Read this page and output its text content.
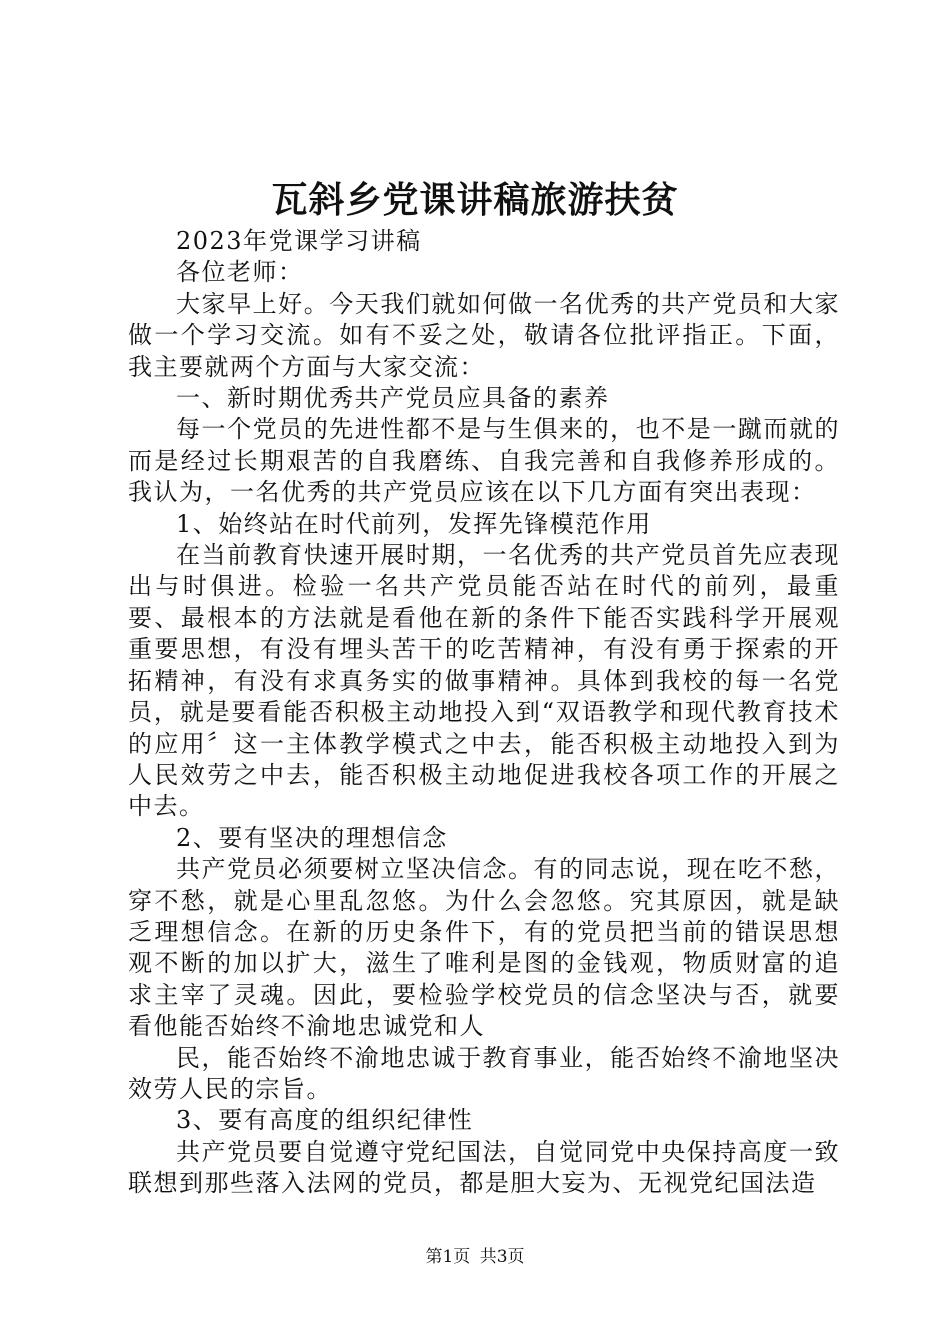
瓦斜乡党课讲稿旅游扶贫

2023年党课学习讲稿

各位老师：

大家早上好。今天我们就如何做一名优秀的共产党员和大家做一个学习交流。如有不妥之处，敬请各位批评指正。下面，我主要就两个方面与大家交流：

一、新时期优秀共产党员应具备的素养

每一个党员的先进性都不是与生俱来的，也不是一蹴而就的而是经过长期艰苦的自我磨练、自我完善和自我修养形成的。我认为，一名优秀的共产党员应该在以下几方面有突出表现：

1、始终站在时代前列，发挥先锋模范作用

在当前教育快速开展时期，一名优秀的共产党员首先应表现出与时俱进。检验一名共产党员能否站在时代的前列，最重要、最根本的方法就是看他在新的条件下能否实践科学开展观重要思想，有没有埋头苦干的吃苦精神，有没有勇于探索的开拓精神，有没有求真务实的做事精神。具体到我校的每一名党员，就是要看能否积极主动地投入到“双语教学和现代教育技术的应用〞这一主体教学模式之中去，能否积极主动地投入到为人民效劳之中去，能否积极主动地促进我校各项工作的开展之中去。

2、要有坚决的理想信念

共产党员必须要树立坚决信念。有的同志说，现在吃不愁，穿不愁，就是心里乱忽悠。为什么会忽悠。究其原因，就是缺乏理想信念。在新的历史条件下，有的党员把当前的错误思想观不断的加以扩大，滋生了唯利是图的金钱观，物质财富的追求主宰了灵魂。因此，要检验学校党员的信念坚决与否，就要看他能否始终不渝地忠诚党和人

民，能否始终不渝地忠诚于教育事业，能否始终不渝地坚决效劳人民的宗旨。

3、要有高度的组织纪律性

共产党员要自觉遵守党纪国法，自觉同党中央保持高度一致联想到那些落入法网的党员，都是胆大妄为、无视党纪国法造

第1页 共3页
